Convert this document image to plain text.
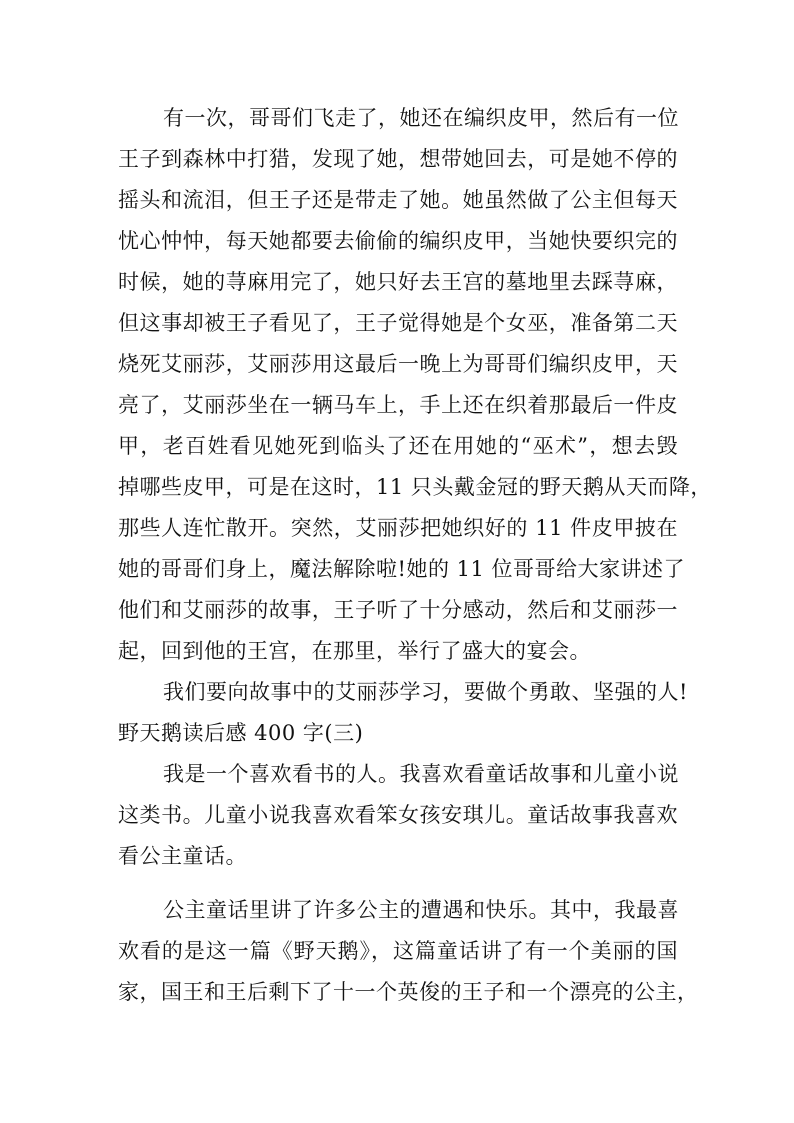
有一次，哥哥们飞走了，她还在编织皮甲，然后有一位
王子到森林中打猎，发现了她，想带她回去，可是她不停的
摇头和流泪，但王子还是带走了她。她虽然做了公主但每天
忧心忡忡，每天她都要去偷偷的编织皮甲，当她快要织完的
时候，她的荨麻用完了，她只好去王宫的墓地里去踩荨麻，
但这事却被王子看见了，王子觉得她是个女巫，准备第二天
烧死艾丽莎，艾丽莎用这最后一晚上为哥哥们编织皮甲，天
亮了，艾丽莎坐在一辆马车上，手上还在织着那最后一件皮
甲，老百姓看见她死到临头了还在用她的“巫术”，想去毁
掉哪些皮甲，可是在这时，11 只头戴金冠的野天鹅从天而降，
那些人连忙散开。突然，艾丽莎把她织好的 11 件皮甲披在
她的哥哥们身上，魔法解除啦!她的 11 位哥哥给大家讲述了
他们和艾丽莎的故事，王子听了十分感动，然后和艾丽莎一
起，回到他的王宫，在那里，举行了盛大的宴会。
我们要向故事中的艾丽莎学习，要做个勇敢、坚强的人!
野天鹅读后感 400 字(三)
我是一个喜欢看书的人。我喜欢看童话故事和儿童小说
这类书。儿童小说我喜欢看笨女孩安琪儿。童话故事我喜欢
看公主童话。
公主童话里讲了许多公主的遭遇和快乐。其中，我最喜
欢看的是这一篇《野天鹅》，这篇童话讲了有一个美丽的国
家，国王和王后剩下了十一个英俊的王子和一个漂亮的公主，
